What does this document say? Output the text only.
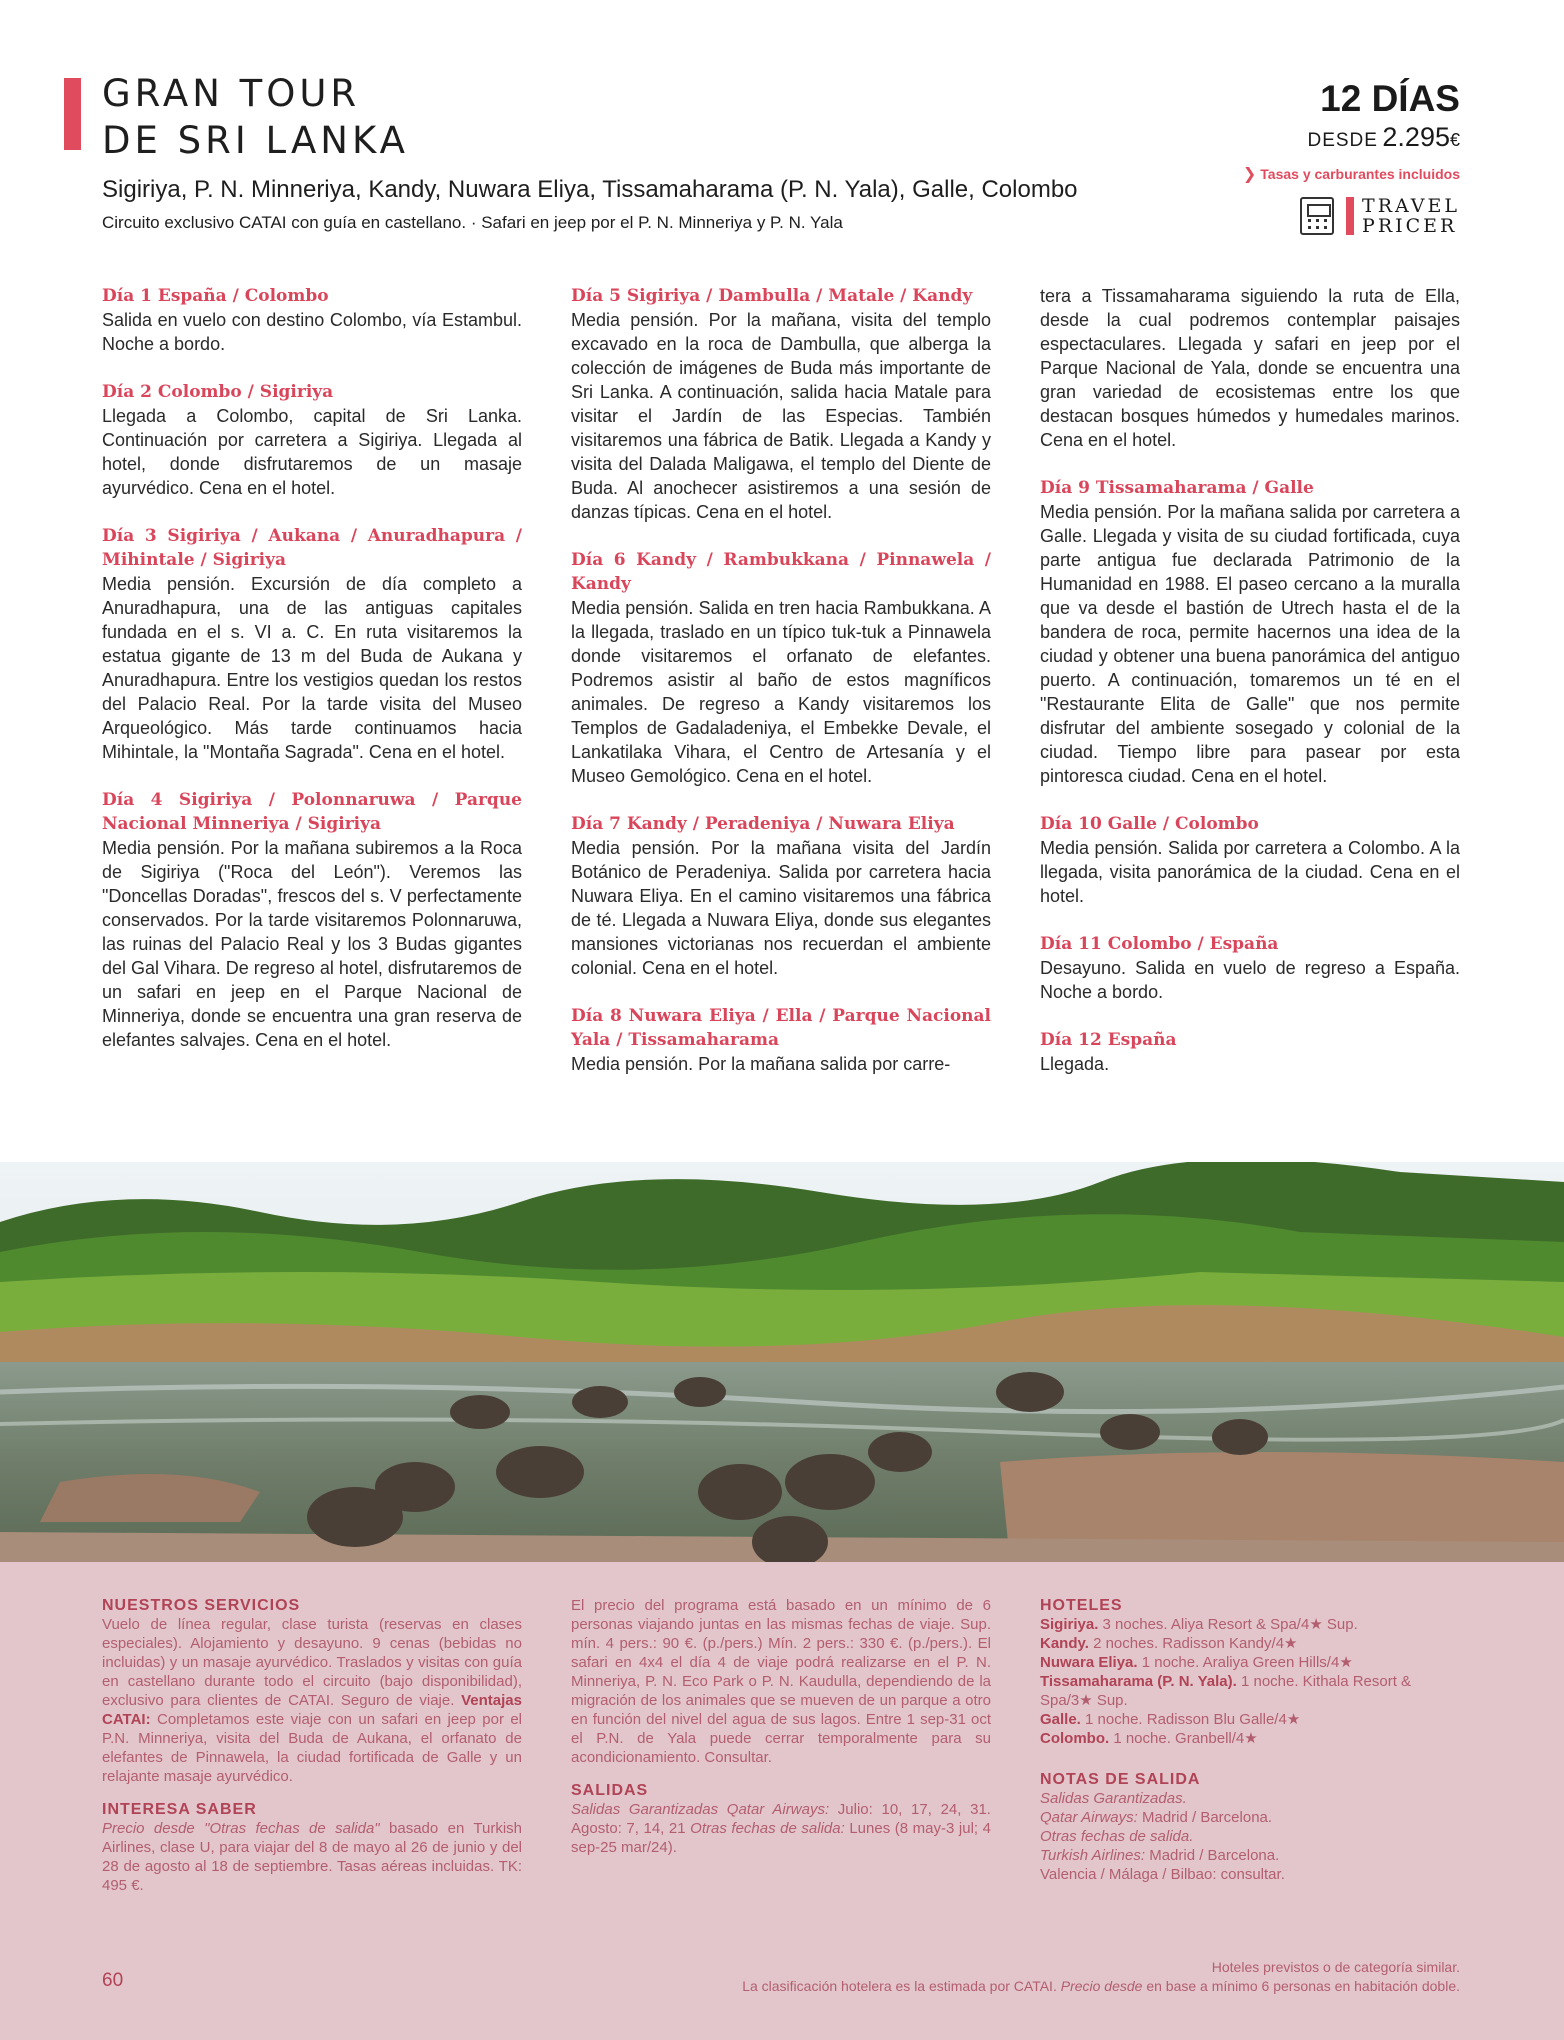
GRAN TOUR
DE SRI LANKA
Sigiriya, P. N. Minneriya, Kandy, Nuwara Eliya, Tissamaharama (P. N. Yala), Galle, Colombo
Circuito exclusivo CATAI con guía en castellano. · Safari en jeep por el P. N. Minneriya y P. N. Yala
12 DÍAS
DESDE 2.295€
❯ Tasas y carburantes incluidos
TRAVEL
PRICER
Día 1 España / Colombo

Salida en vuelo con destino Colombo, vía Estambul. Noche a bordo.

Día 2 Colombo / Sigiriya

Llegada a Colombo, capital de Sri Lanka. Continuación por carretera a Sigiriya. Llegada al hotel, donde disfrutaremos de un masaje ayurvédico. Cena en el hotel.

Día 3 Sigiriya / Aukana / Anuradhapura / Mihintale / Sigiriya

Media pensión. Excursión de día completo a Anuradhapura, una de las antiguas capitales fundada en el s. VI a. C. En ruta visitaremos la estatua gigante de 13 m del Buda de Aukana y Anuradhapura. Entre los vestigios quedan los restos del Palacio Real. Por la tarde visita del Museo Arqueológico. Más tarde continuamos hacia Mihintale, la "Montaña Sagrada". Cena en el hotel.

Día 4 Sigiriya / Polonnaruwa / Parque Nacional Minneriya / Sigiriya

Media pensión. Por la mañana subiremos a la Roca de Sigiriya ("Roca del León"). Veremos las "Doncellas Doradas", frescos del s. V perfectamente conservados. Por la tarde visitaremos Polonnaruwa, las ruinas del Palacio Real y los 3 Budas gigantes del Gal Vihara. De regreso al hotel, disfrutaremos de un safari en jeep en el Parque Nacional de Minneriya, donde se encuentra una gran reserva de elefantes salvajes. Cena en el hotel.

Día 5 Sigiriya / Dambulla / Matale / Kandy

Media pensión. Por la mañana, visita del templo excavado en la roca de Dambulla, que alberga la colección de imágenes de Buda más importante de Sri Lanka. A continuación, salida hacia Matale para visitar el Jardín de las Especias. También visitaremos una fábrica de Batik. Llegada a Kandy y visita del Dalada Maligawa, el templo del Diente de Buda. Al anochecer asistiremos a una sesión de danzas típicas. Cena en el hotel.

Día 6 Kandy / Rambukkana / Pinnawela / Kandy

Media pensión. Salida en tren hacia Rambukkana. A la llegada, traslado en un típico tuk-tuk a Pinnawela donde visitaremos el orfanato de elefantes. Podremos asistir al baño de estos magníficos animales. De regreso a Kandy visitaremos los Templos de Gadaladeniya, el Embekke Devale, el Lankatilaka Vihara, el Centro de Artesanía y el Museo Gemológico. Cena en el hotel.

Día 7 Kandy / Peradeniya / Nuwara Eliya

Media pensión. Por la mañana visita del Jardín Botánico de Peradeniya. Salida por carretera hacia Nuwara Eliya. En el camino visitaremos una fábrica de té. Llegada a Nuwara Eliya, donde sus elegantes mansiones victorianas nos recuerdan el ambiente colonial. Cena en el hotel.

Día 8 Nuwara Eliya / Ella / Parque Nacional Yala / Tissamaharama

Media pensión. Por la mañana salida por carre-

tera a Tissamaharama siguiendo la ruta de Ella, desde la cual podremos contemplar paisajes espectaculares. Llegada y safari en jeep por el Parque Nacional de Yala, donde se encuentra una gran variedad de ecosistemas entre los que destacan bosques húmedos y humedales marinos. Cena en el hotel.

Día 9 Tissamaharama / Galle

Media pensión. Por la mañana salida por carretera a Galle. Llegada y visita de su ciudad fortificada, cuya parte antigua fue declarada Patrimonio de la Humanidad en 1988. El paseo cercano a la muralla que va desde el bastión de Utrech hasta el de la bandera de roca, permite hacernos una idea de la ciudad y obtener una buena panorámica del antiguo puerto. A continuación, tomaremos un té en el "Restaurante Elita de Galle" que nos permite disfrutar del ambiente sosegado y colonial de la ciudad. Tiempo libre para pasear por esta pintoresca ciudad. Cena en el hotel.

Día 10 Galle / Colombo

Media pensión. Salida por carretera a Colombo. A la llegada, visita panorámica de la ciudad. Cena en el hotel.

Día 11 Colombo / España

Desayuno. Salida en vuelo de regreso a España. Noche a bordo.

Día 12 España

Llegada.

NUESTROS SERVICIOS

Vuelo de línea regular, clase turista (reservas en clases especiales). Alojamiento y desayuno. 9 cenas (bebidas no incluidas) y un masaje ayurvédico. Traslados y visitas con guía en castellano durante todo el circuito (bajo disponibilidad), exclusivo para clientes de CATAI. Seguro de viaje. Ventajas CATAI: Completamos este viaje con un safari en jeep por el P.N. Minneriya, visita del Buda de Aukana, el orfanato de elefantes de Pinnawela, la ciudad fortificada de Galle y un relajante masaje ayurvédico.

INTERESA SABER

Precio desde "Otras fechas de salida" basado en Turkish Airlines, clase U, para viajar del 8 de mayo al 26 de junio y del 28 de agosto al 18 de septiembre. Tasas aéreas incluidas. TK: 495 €.

El precio del programa está basado en un mínimo de 6 personas viajando juntas en las mismas fechas de viaje. Sup. mín. 4 pers.: 90 €. (p./pers.) Mín. 2 pers.: 330 €. (p./pers.). El safari en 4x4 el día 4 de viaje podrá realizarse en el P. N. Minneriya, P. N. Eco Park o P. N. Kaudulla, dependiendo de la migración de los animales que se mueven de un parque a otro en función del nivel del agua de sus lagos. Entre 1 sep-31 oct el P.N. de Yala puede cerrar temporalmente para su acondicionamiento. Consultar.

SALIDAS

Salidas Garantizadas Qatar Airways: Julio: 10, 17, 24, 31. Agosto: 7, 14, 21 Otras fechas de salida: Lunes (8 may-3 jul; 4 sep-25 mar/24).

HOTELES
Sigiriya. 3 noches. Aliya Resort & Spa/4★ Sup.
Kandy. 2 noches. Radisson Kandy/4★
Nuwara Eliya. 1 noche. Araliya Green Hills/4★
Tissamaharama (P. N. Yala). 1 noche. Kithala Resort & Spa/3★ Sup.
Galle. 1 noche. Radisson Blu Galle/4★
Colombo. 1 noche. Granbell/4★
NOTAS DE SALIDA
Salidas Garantizadas.
Qatar Airways: Madrid / Barcelona.
Otras fechas de salida.
Turkish Airlines: Madrid / Barcelona.
Valencia / Málaga / Bilbao: consultar.
60
Hoteles previstos o de categoría similar.
La clasificación hotelera es la estimada por CATAI. Precio desde en base a mínimo 6 personas en habitación doble.
